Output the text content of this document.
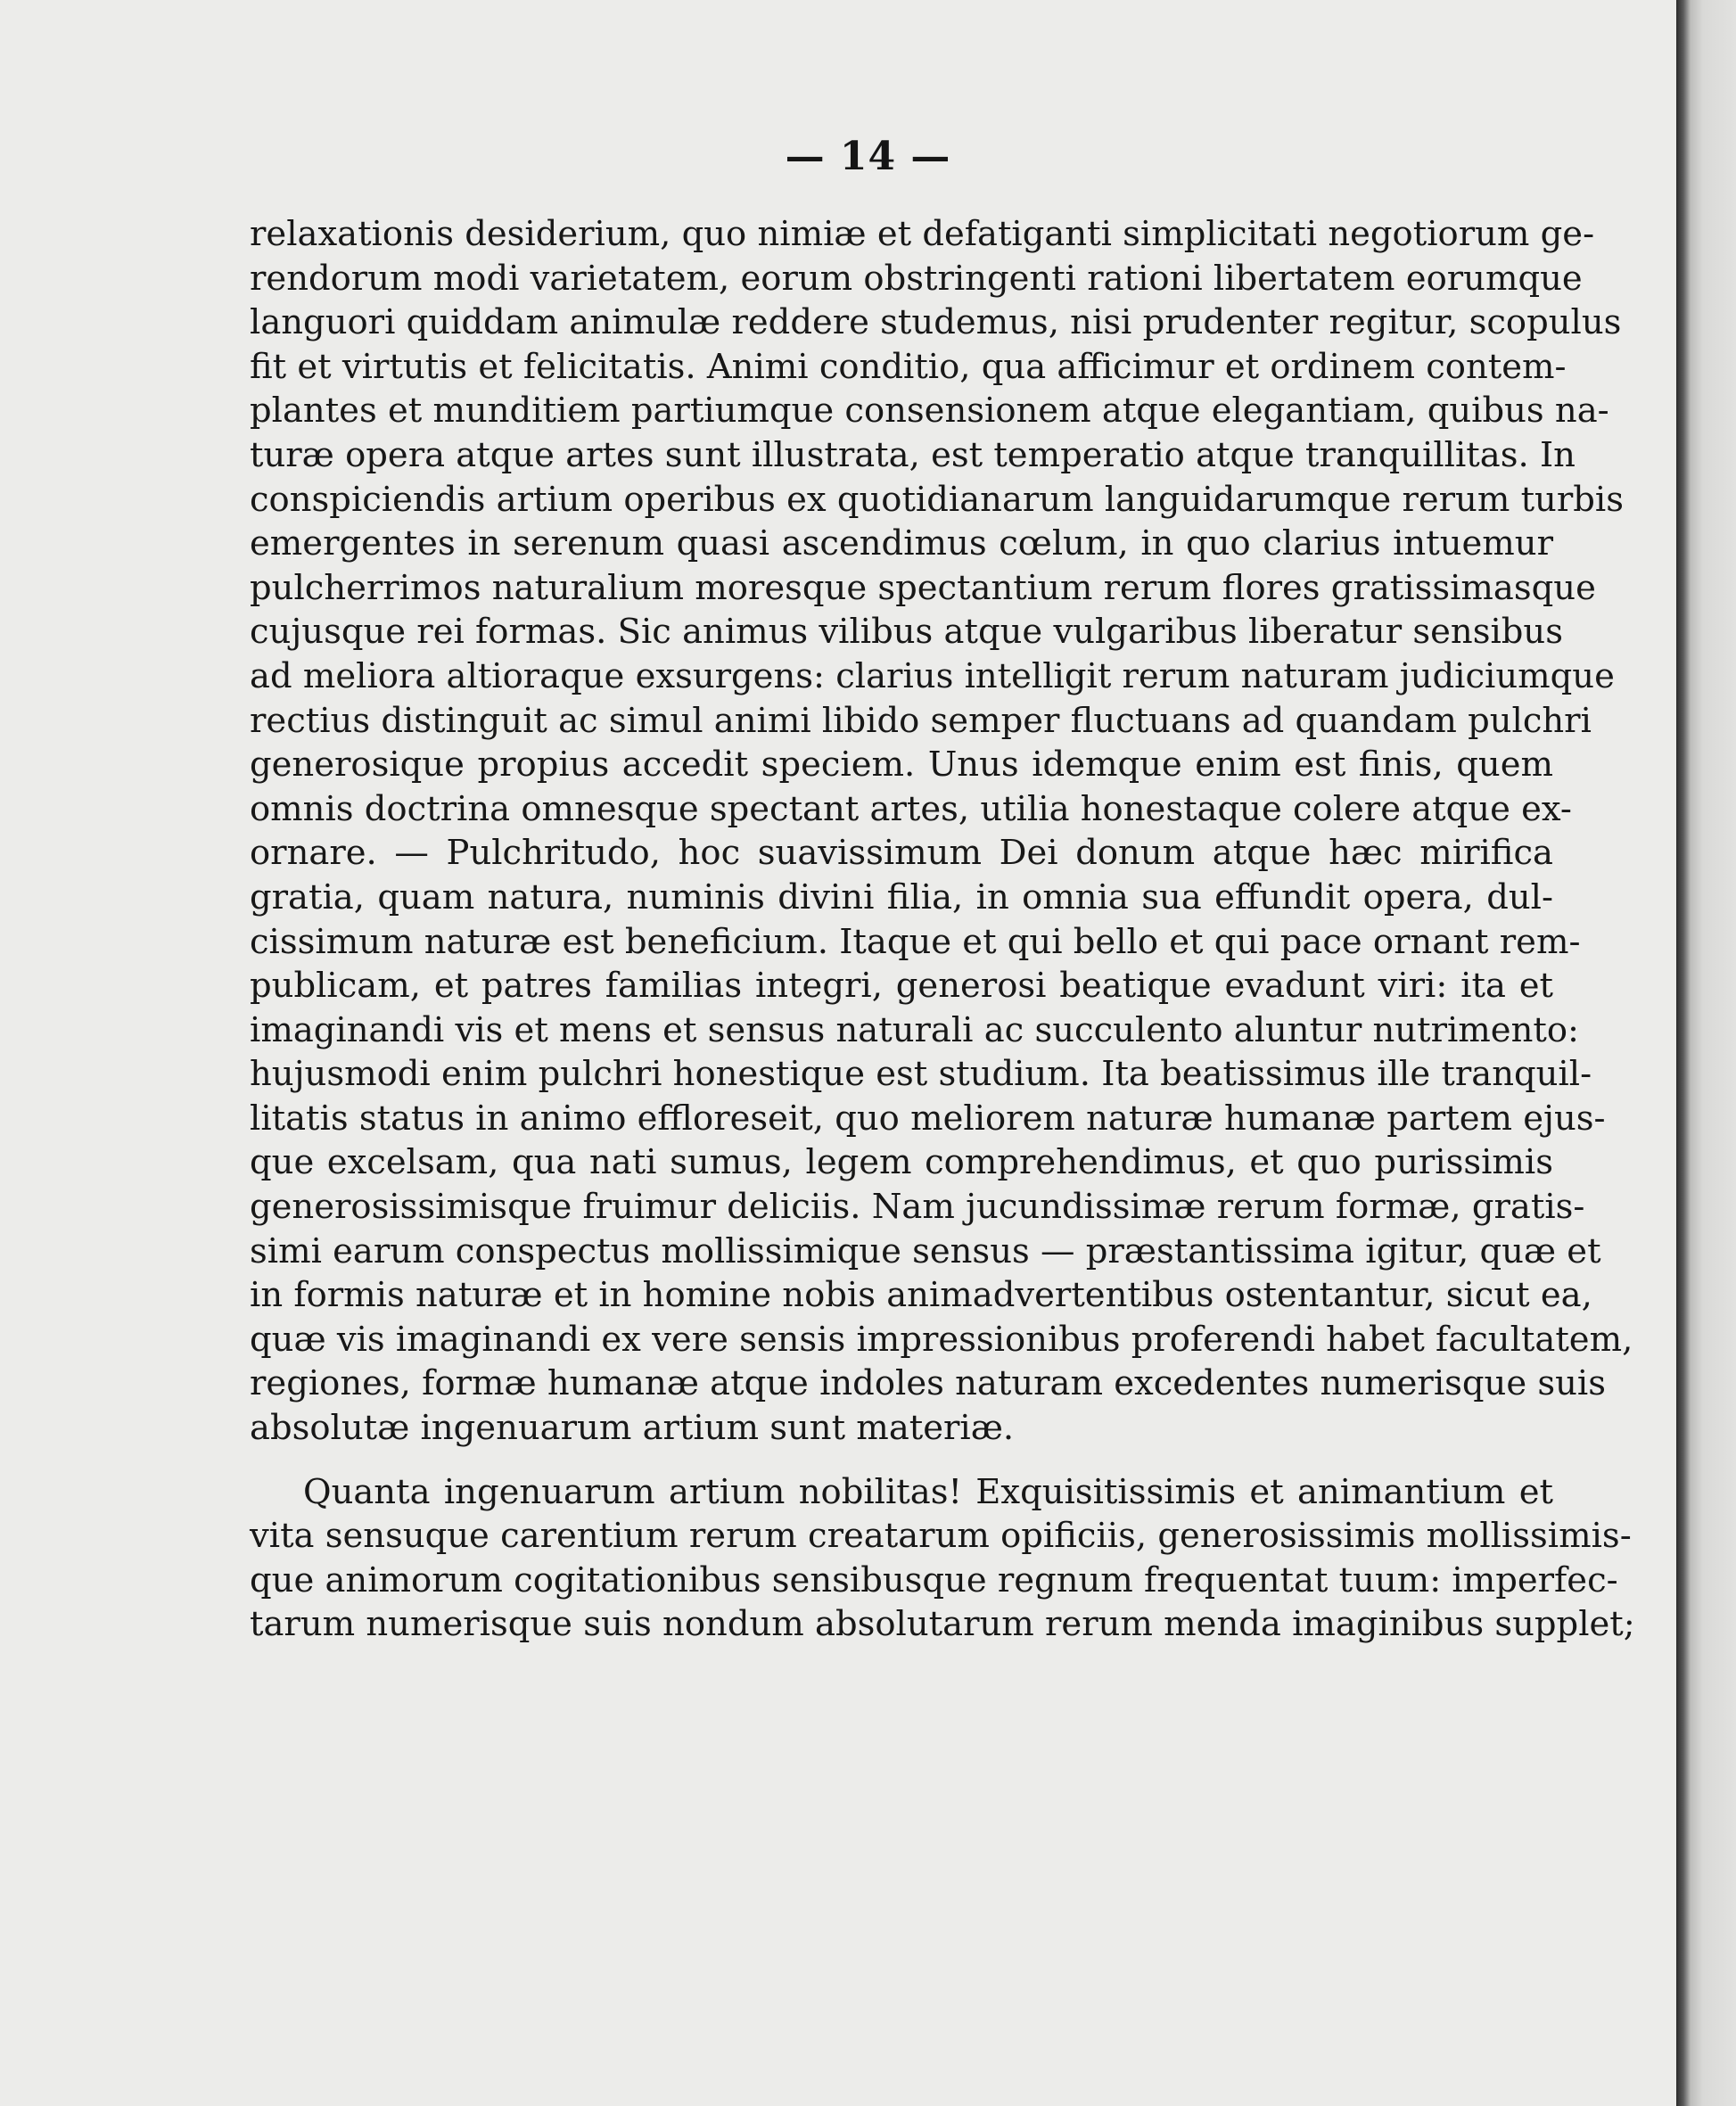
— 14 —
relaxationis desiderium, quo nimiæ et defatiganti simplicitati negotiorum ge-
rendorum modi varietatem, eorum obstringenti rationi libertatem eorumque
languori quiddam animulæ reddere studemus, nisi prudenter regitur, scopulus
fit et virtutis et felicitatis. Animi conditio, qua afficimur et ordinem contem-
plantes et munditiem partiumque consensionem atque elegantiam, quibus na-
turæ opera atque artes sunt illustrata, est temperatio atque tranquillitas. In
conspiciendis artium operibus ex quotidianarum languidarumque rerum turbis
emergentes in serenum quasi ascendimus cœlum, in quo clarius intuemur
pulcherrimos naturalium moresque spectantium rerum flores gratissimasque
cujusque rei formas. Sic animus vilibus atque vulgaribus liberatur sensibus
ad meliora altioraque exsurgens: clarius intelligit rerum naturam judiciumque
rectius distinguit ac simul animi libido semper fluctuans ad quandam pulchri
generosique propius accedit speciem. Unus idemque enim est finis, quem
omnis doctrina omnesque spectant artes, utilia honestaque colere atque ex-
ornare. — Pulchritudo, hoc suavissimum Dei donum atque hæc mirifica
gratia, quam natura, numinis divini filia, in omnia sua effundit opera, dul-
cissimum naturæ est beneficium. Itaque et qui bello et qui pace ornant rem-
publicam, et patres familias integri, generosi beatique evadunt viri: ita et
imaginandi vis et mens et sensus naturali ac succulento aluntur nutrimento:
hujusmodi enim pulchri honestique est studium. Ita beatissimus ille tranquil-
litatis status in animo effloreseit, quo meliorem naturæ humanæ partem ejus-
que excelsam, qua nati sumus, legem comprehendimus, et quo purissimis
generosissimisque fruimur deliciis. Nam jucundissimæ rerum formæ, gratis-
simi earum conspectus mollissimique sensus — præstantissima igitur, quæ et
in formis naturæ et in homine nobis animadvertentibus ostentantur, sicut ea,
quæ vis imaginandi ex vere sensis impressionibus proferendi habet facultatem,
regiones, formæ humanæ atque indoles naturam excedentes numerisque suis
absolutæ ingenuarum artium sunt materiæ.
Quanta ingenuarum artium nobilitas! Exquisitissimis et animantium et
vita sensuque carentium rerum creatarum opificiis, generosissimis mollissimis-
que animorum cogitationibus sensibusque regnum frequentat tuum: imperfec-
tarum numerisque suis nondum absolutarum rerum menda imaginibus supplet;
